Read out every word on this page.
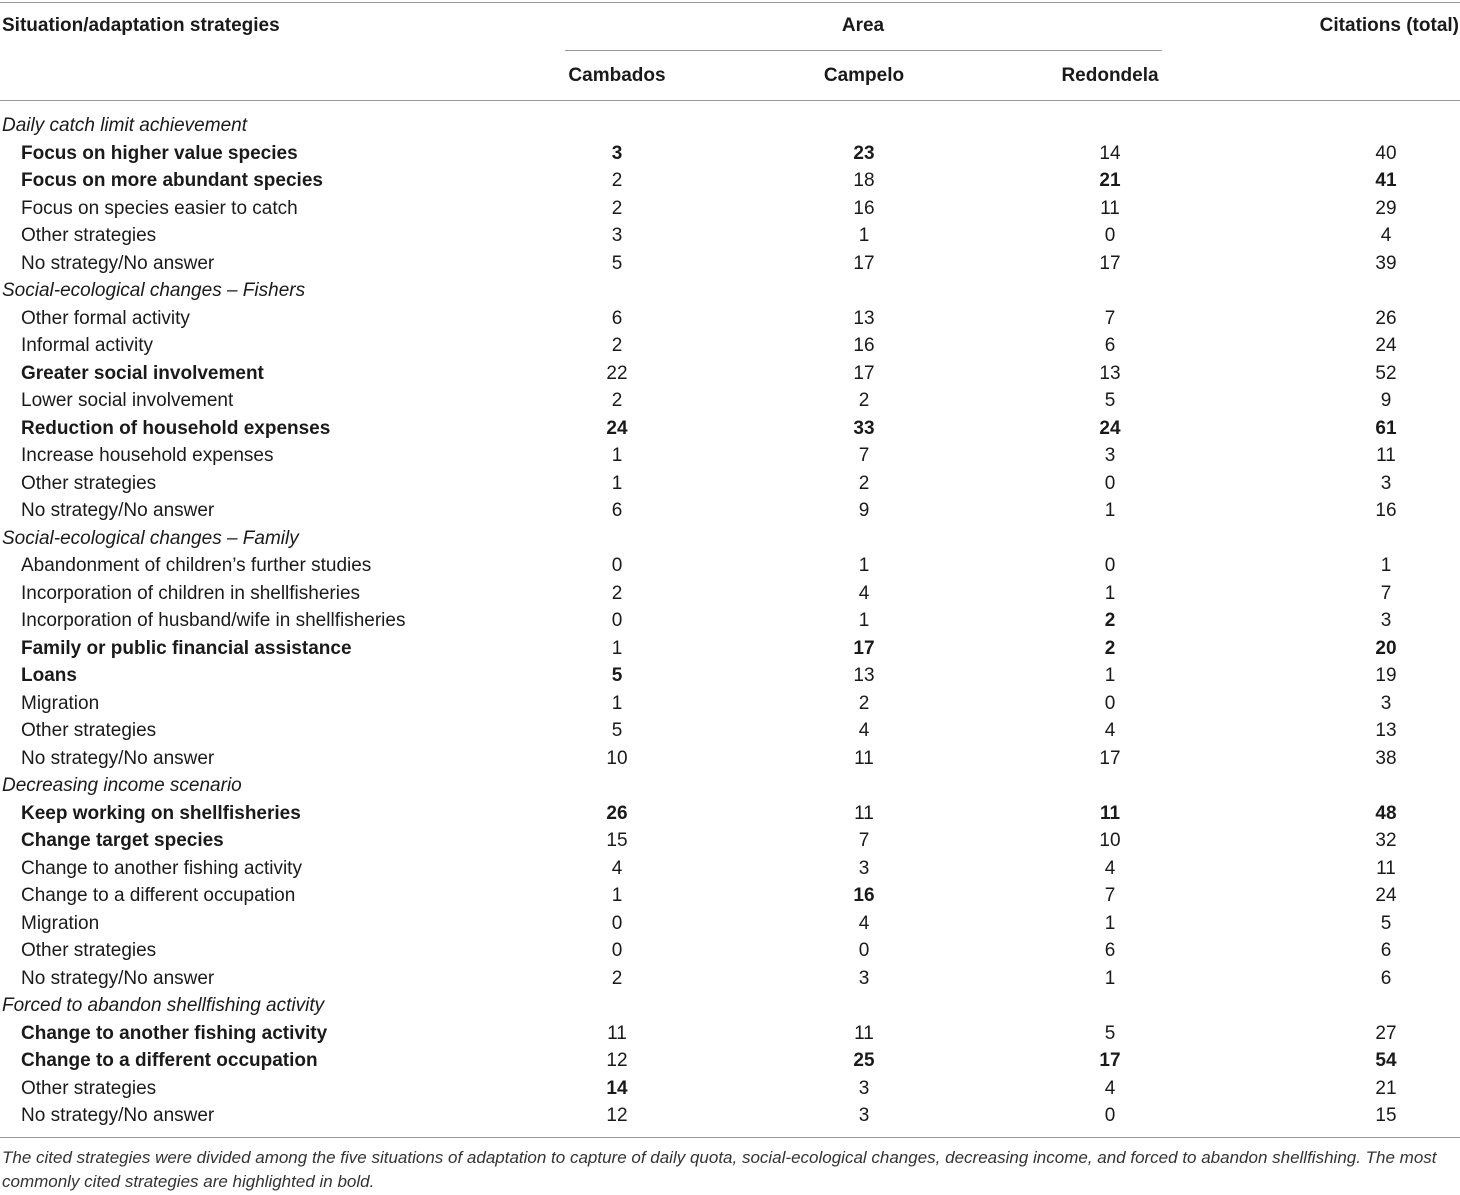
Situation/adaptation strategies	Area	Citations (total)
Cambados	Campelo	Redondela
Daily catch limit achievement
Focus on higher value species	3	23	14	40
Focus on more abundant species	2	18	21	41
Focus on species easier to catch	2	16	11	29
Other strategies	3	1	0	4
No strategy/No answer	5	17	17	39
Social-ecological changes – Fishers
Other formal activity	6	13	7	26
Informal activity	2	16	6	24
Greater social involvement	22	17	13	52
Lower social involvement	2	2	5	9
Reduction of household expenses	24	33	24	61
Increase household expenses	1	7	3	11
Other strategies	1	2	0	3
No strategy/No answer	6	9	1	16
Social-ecological changes – Family
Abandonment of children’s further studies	0	1	0	1
Incorporation of children in shellfisheries	2	4	1	7
Incorporation of husband/wife in shellfisheries	0	1	2	3
Family or public financial assistance	1	17	2	20
Loans	5	13	1	19
Migration	1	2	0	3
Other strategies	5	4	4	13
No strategy/No answer	10	11	17	38
Decreasing income scenario
Keep working on shellfisheries	26	11	11	48
Change target species	15	7	10	32
Change to another fishing activity	4	3	4	11
Change to a different occupation	1	16	7	24
Migration	0	4	1	5
Other strategies	0	0	6	6
No strategy/No answer	2	3	1	6
Forced to abandon shellfishing activity
Change to another fishing activity	11	11	5	27
Change to a different occupation	12	25	17	54
Other strategies	14	3	4	21
No strategy/No answer	12	3	0	15
The cited strategies were divided among the five situations of adaptation to capture of daily quota, social-ecological changes, decreasing income, and forced to abandon shellfishing. The most commonly cited strategies are highlighted in bold.
